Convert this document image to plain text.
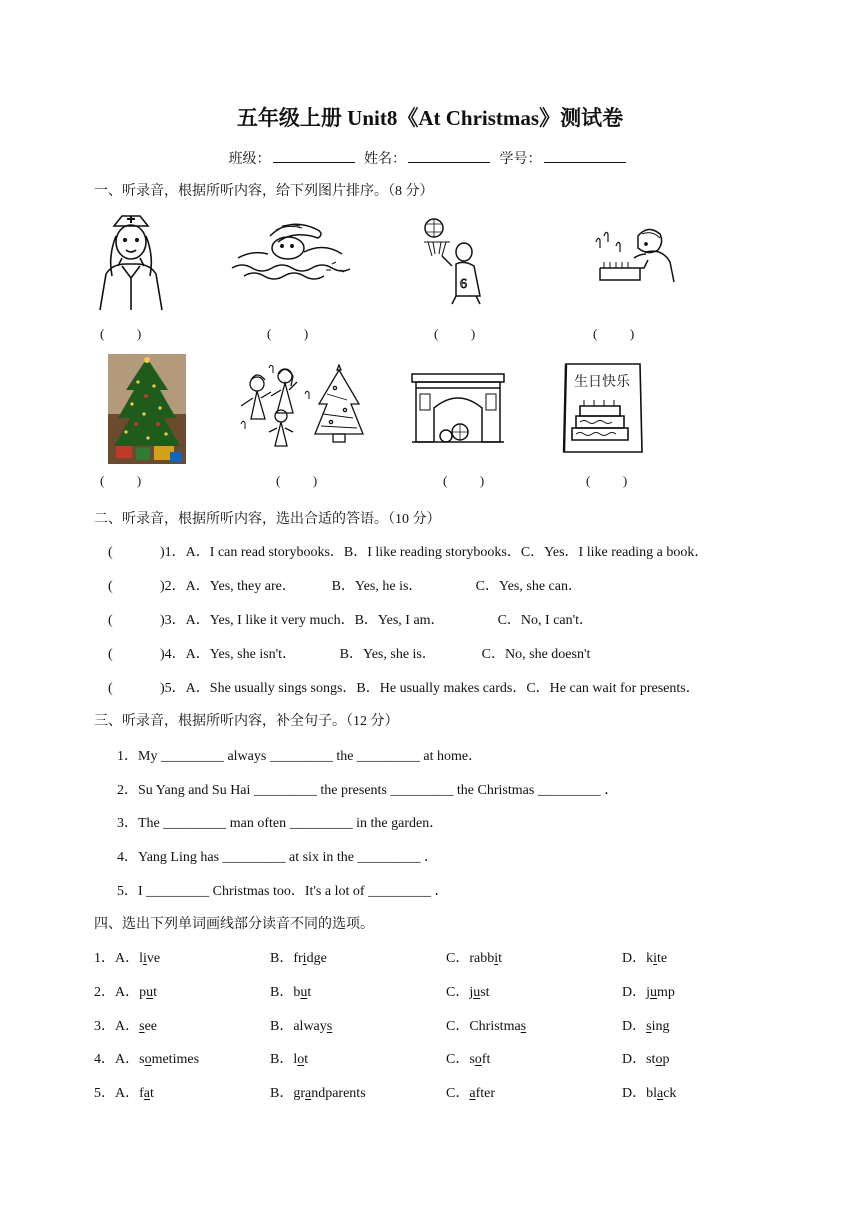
五年级上册 Unit8《At Christmas》测试卷
班级：	姓名：	学号：
一、听录音，根据所听内容，给下列图片排序。（8 分）
6
(          )	(          )	(          )	(          )
生日快乐
(          )	(          )	(          )	(          )
二、听录音，根据所听内容，选出合适的答语。（10 分）
(	)1．A．I can read storybooks．B．I like reading storybooks．C．Yes．I like reading a book．
(	)2．A．Yes, they are．	B．Yes, he is．	C．Yes, she can．
(	)3．A．Yes, I like it very much．B．Yes, I am．	C．No, I can't．
(	)4．A．Yes, she isn't．	B．Yes, she is．	C．No, she doesn't
(	)5．A．She usually sings songs．B．He usually makes cards．C．He can wait for presents．
三、听录音，根据所听内容，补全句子。（12 分）
1．My _________ always _________ the _________ at home．
2．Su Yang and Su Hai _________ the presents _________ the Christmas _________ ．
3．The _________ man often _________ in the garden．
4．Yang Ling has _________ at six in the _________ ．
5．I _________ Christmas too．It's a lot of _________ ．
四、选出下列单词画线部分读音不同的选项。
1．A．live	B．fridge	C．rabbit	D．kite
2．A．put	B．but	C．just	D．jump
3．A．see	B．always	C．Christmas	D．sing
4．A．sometimes	B．lot	C．soft	D．stop
5．A．fat	B．grandparents	C．after	D．black
